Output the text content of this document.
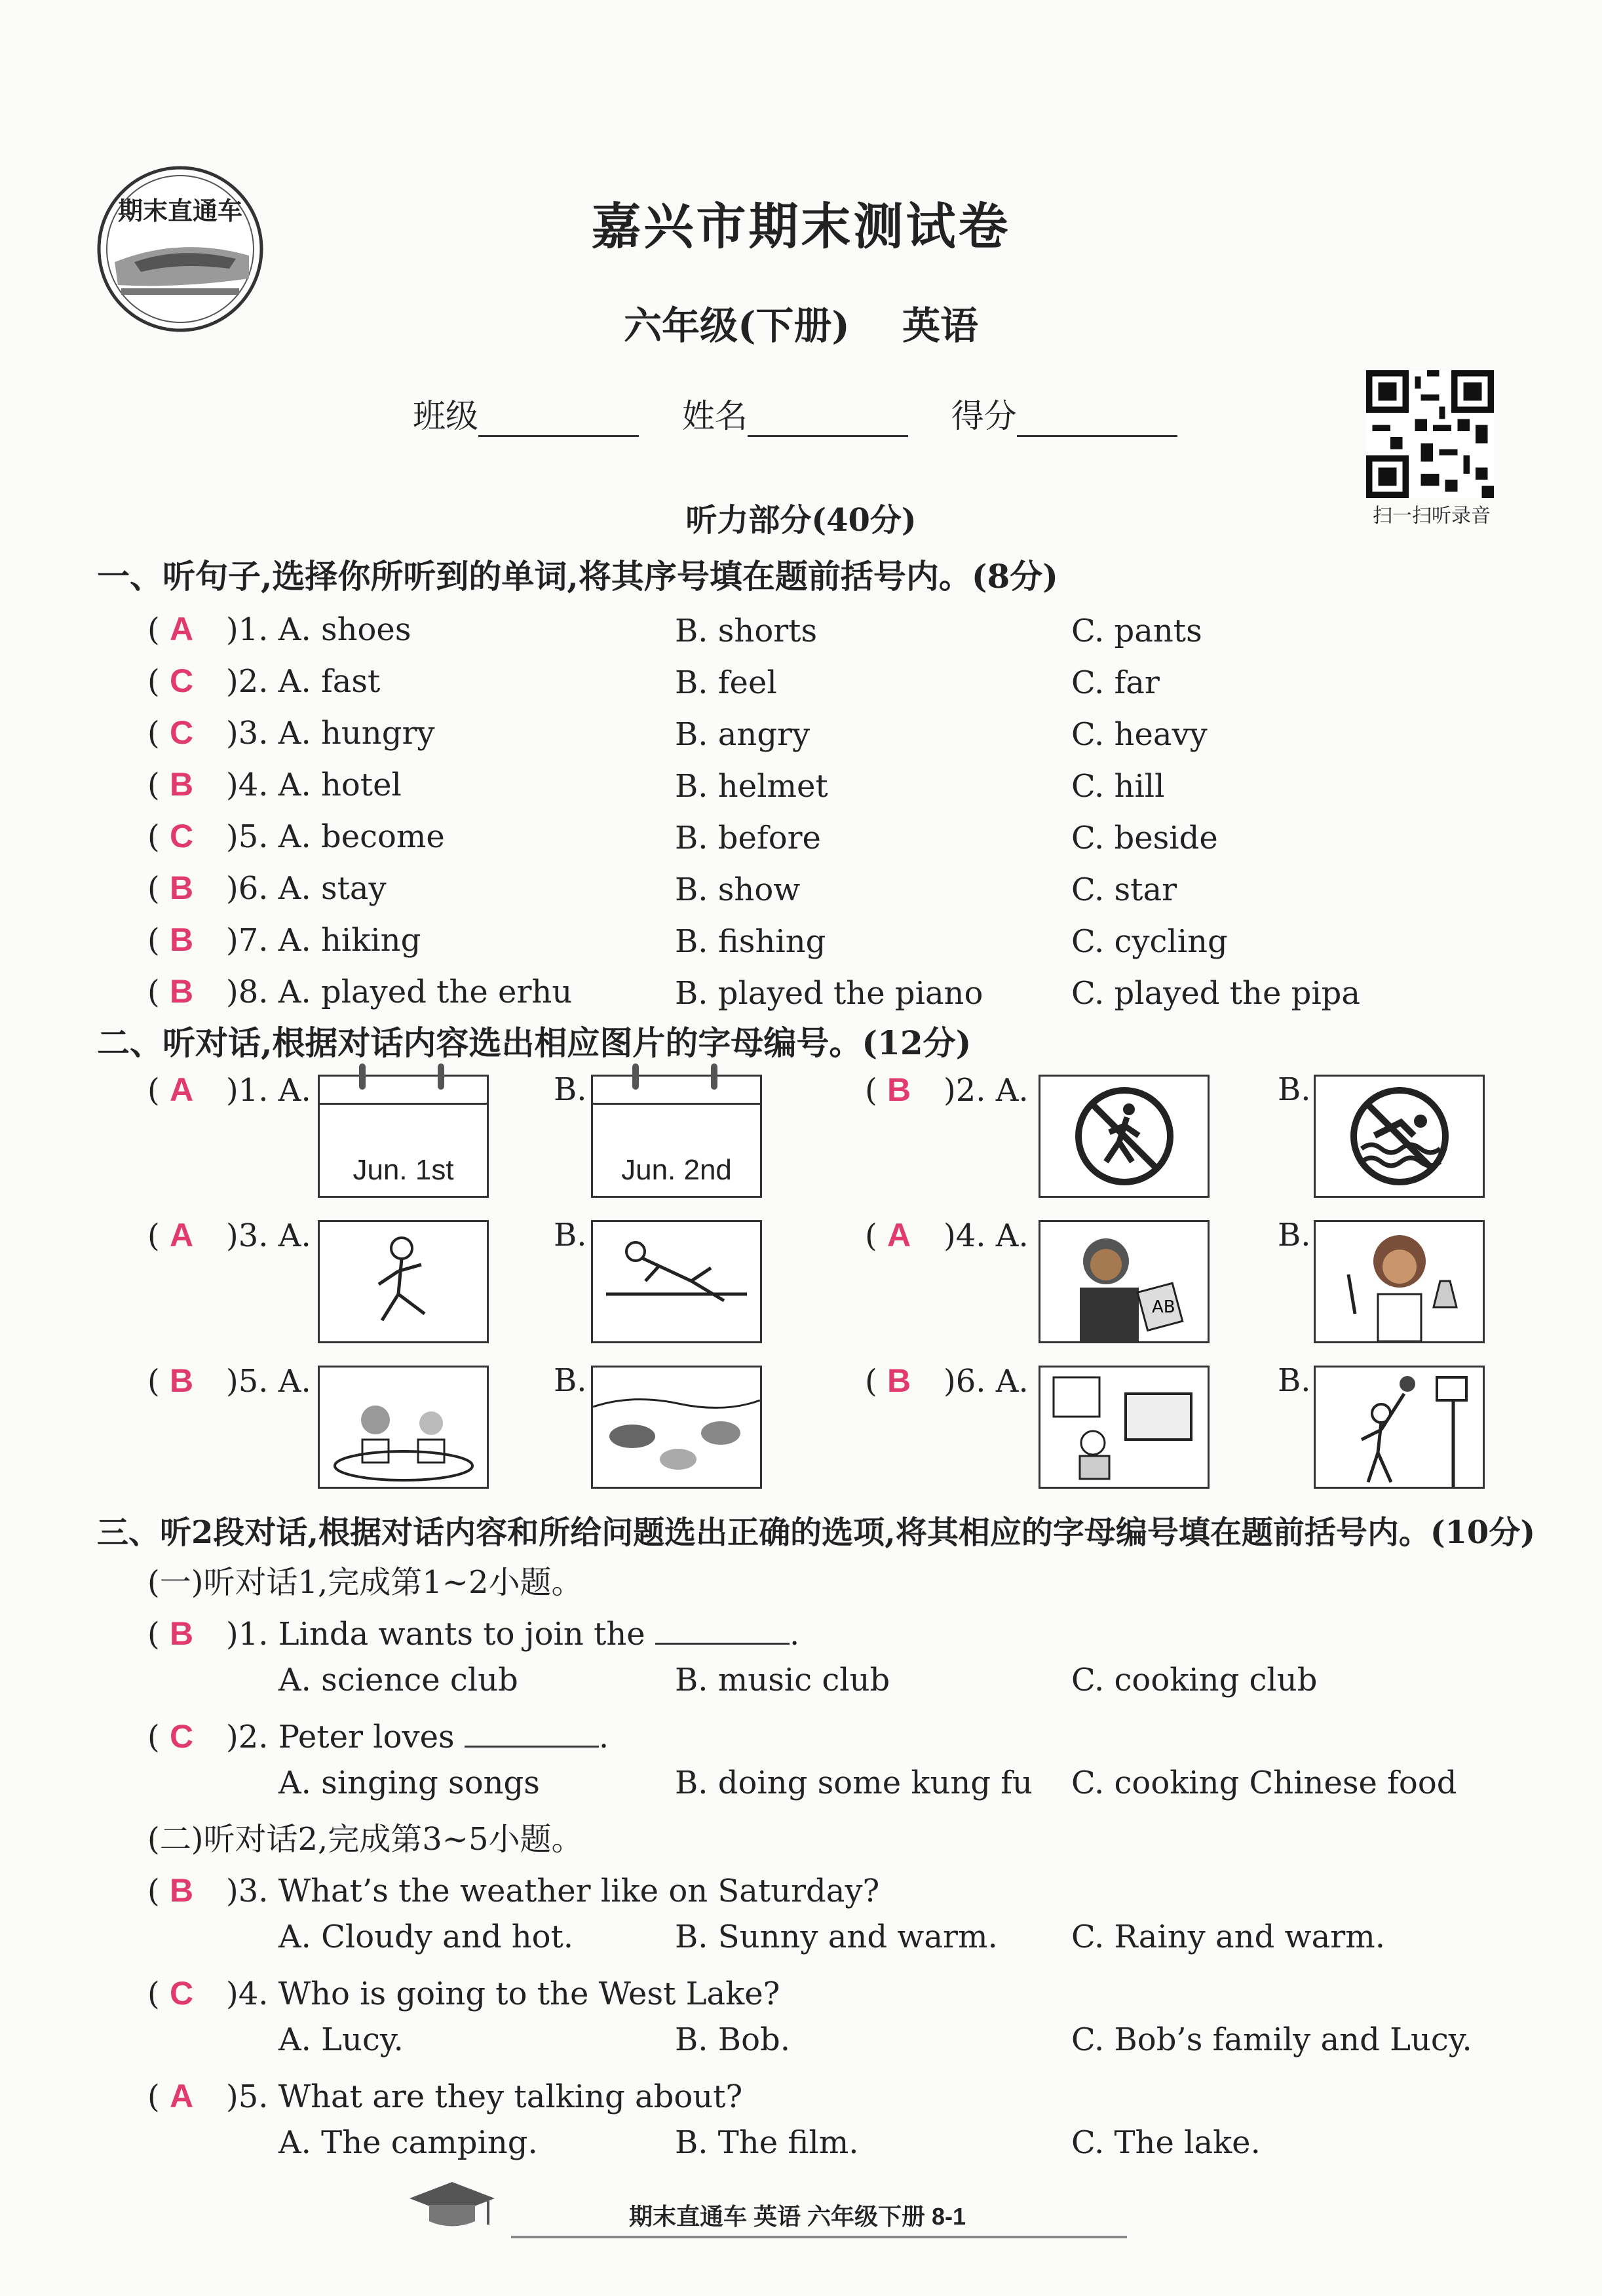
期末直通车	嘉兴市期末测试卷
六年级(下册) 英语
班级	姓名	得分
扫一扫听录音
听力部分(40分)
一、听句子,选择你所听到的单词,将其序号填在题前括号内。(8分)
( A )1. A. shoes	B. shorts	C. pants
( C )2. A. fast	B. feel	C. far
( C )3. A. hungry	B. angry	C. heavy
( B )4. A. hotel	B. helmet	C. hill
( C )5. A. become	B. before	C. beside
( B )6. A. stay	B. show	C. star
( B )7. A. hiking	B. fishing	C. cycling
( B )8. A. played the erhu	B. played the piano	C. played the pipa
二、听对话,根据对话内容选出相应图片的字母编号。(12分)
( A )1. A.
Jun. 1st
B.
Jun. 2nd
( B )2. A.	B.
( A )3. A.	B.	( A )4. A.
AB
B.
( B )5. A.	B.	( B )6. A.	B.
三、听2段对话,根据对话内容和所给问题选出正确的选项,将其相应的字母编号填在题前括号内。(10分)
(一)听对话1,完成第1~2小题。
( B )1. Linda wants to join the	.
A. science club	B. music club	C. cooking club
( C )2. Peter loves	.
A. singing songs	B. doing some kung fu C. cooking Chinese food
(二)听对话2,完成第3~5小题。
( B )3. What’s the weather like on Saturday?
A. Cloudy and hot.	B. Sunny and warm. C. Rainy and warm.
( C )4. Who is going to the West Lake?
A. Lucy.	B. Bob.	C. Bob’s family and Lucy.
( A )5. What are they talking about?
A. The camping.	B. The film.	C. The lake.
期末直通车 英语 六年级下册 8-1
